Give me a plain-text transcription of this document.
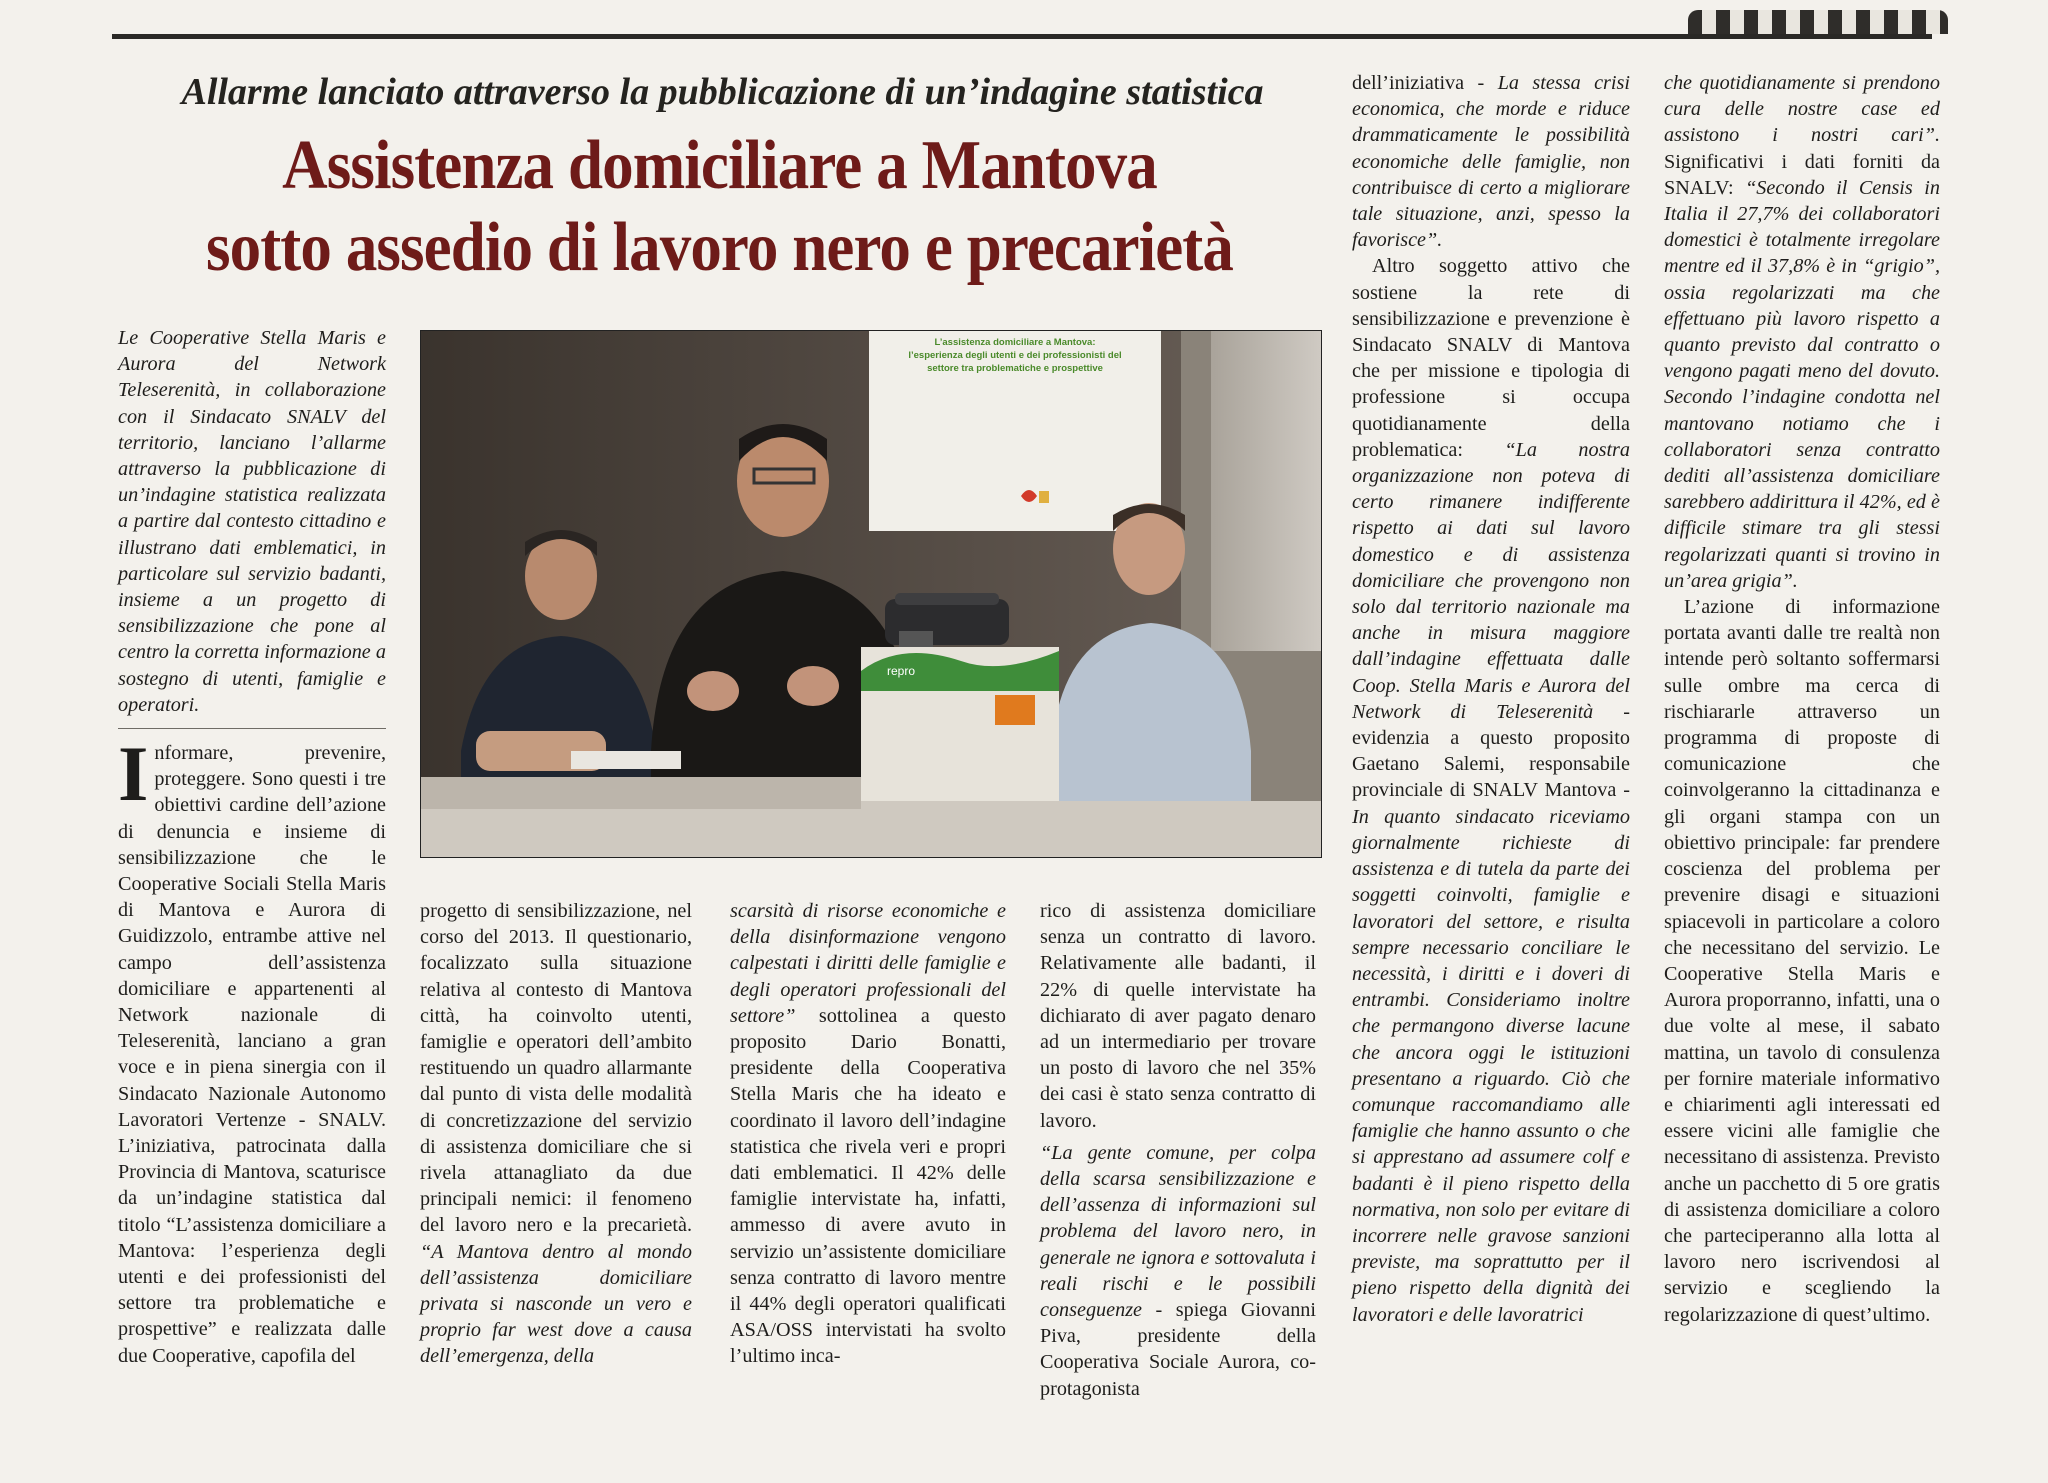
Allarme lanciato attraverso la pubblicazione di un’indagine statistica
Assistenza domiciliare a Mantova
sotto assedio di lavoro nero e precarietà

Le Cooperative Stella Maris e Aurora del Network Teleserenità, in collaborazione con il Sindacato SNALV del territorio, lanciano l’allarme attraverso la pubblicazione di un’indagine statistica realizzata a partire dal contesto cittadino e illustrano dati emblematici, in particolare sul servizio badanti, insieme a un progetto di sensibilizzazione che pone al centro la corretta informazione a sostegno di utenti, famiglie e operatori.

L’assistenza domiciliare a Mantova:
l’esperienza degli utenti e dei professionisti del
settore tra problematiche e prospettive
repro

Informare, prevenire, proteggere. Sono questi i tre obiettivi cardine dell’azione di denuncia e insieme di sensibilizzazione che le Cooperative Sociali Stella Maris di Mantova e Aurora di Guidizzolo, entrambe attive nel campo dell’assistenza domiciliare e appartenenti al Network nazionale di Teleserenità, lanciano a gran voce e in piena sinergia con il Sindacato Nazionale Autonomo Lavoratori Vertenze - SNALV. L’iniziativa, patrocinata dalla Provincia di Mantova, scaturisce da un’indagine statistica dal titolo “L’assistenza domiciliare a Mantova: l’esperienza degli utenti e dei professionisti del settore tra problematiche e prospettive” e realizzata dalle due Cooperative, capofila del

progetto di sensibilizzazione, nel corso del 2013. Il questionario, focalizzato sulla situazione relativa al contesto di Mantova città, ha coinvolto utenti, famiglie e operatori dell’ambito restituendo un quadro allarmante dal punto di vista delle modalità di concretizzazione del servizio di assistenza domiciliare che si rivela attanagliato da due principali nemici: il fenomeno del lavoro nero e la precarietà. “A Mantova dentro al mondo dell’assistenza domiciliare privata si nasconde un vero e proprio far west dove a causa dell’emergenza, della

scarsità di risorse economiche e della disinformazione vengono calpestati i diritti delle famiglie e degli operatori professionali del settore” sottolinea a questo proposito Dario Bonatti, presidente della Cooperativa Stella Maris che ha ideato e coordinato il lavoro dell’indagine statistica che rivela veri e propri dati emblematici. Il 42% delle famiglie intervistate ha, infatti, ammesso di avere avuto in servizio un’assistente domiciliare senza contratto di lavoro mentre il 44% degli operatori qualificati ASA/OSS intervistati ha svolto l’ultimo inca-

rico di assistenza domiciliare senza un contratto di lavoro. Relativamente alle badanti, il 22% di quelle intervistate ha dichiarato di aver pagato denaro ad un intermediario per trovare un posto di lavoro che nel 35% dei casi è stato senza contratto di lavoro.

“La gente comune, per colpa della scarsa sensibilizzazione e dell’assenza di informazioni sul problema del lavoro nero, in generale ne ignora e sottovaluta i reali rischi e le possibili conseguenze - spiega Giovanni Piva, presidente della Cooperativa Sociale Aurora, co-protagonista

dell’iniziativa - La stessa crisi economica, che morde e riduce drammaticamente le possibilità economiche delle famiglie, non contribuisce di certo a migliorare tale situazione, anzi, spesso la favorisce”.

Altro soggetto attivo che sostiene la rete di sensibilizzazione e prevenzione è Sindacato SNALV di Mantova che per missione e tipologia di professione si occupa quotidianamente della problematica: “La nostra organizzazione non poteva di certo rimanere indifferente rispetto ai dati sul lavoro domestico e di assistenza domiciliare che provengono non solo dal territorio nazionale ma anche in misura maggiore dall’indagine effettuata dalle Coop. Stella Maris e Aurora del Network di Teleserenità - evidenzia a questo proposito Gaetano Salemi, responsabile provinciale di SNALV Mantova - In quanto sindacato riceviamo giornalmente richieste di assistenza e di tutela da parte dei soggetti coinvolti, famiglie e lavoratori del settore, e risulta sempre necessario conciliare le necessità, i diritti e i doveri di entrambi. Consideriamo inoltre che permangono diverse lacune che ancora oggi le istituzioni presentano a riguardo. Ciò che comunque raccomandiamo alle famiglie che hanno assunto o che si apprestano ad assumere colf e badanti è il pieno rispetto della normativa, non solo per evitare di incorrere nelle gravose sanzioni previste, ma soprattutto per il pieno rispetto della dignità dei lavoratori e delle lavoratrici

che quotidianamente si prendono cura delle nostre case ed assistono i nostri cari”. Significativi i dati forniti da SNALV: “Secondo il Censis in Italia il 27,7% dei collaboratori domestici è totalmente irregolare mentre ed il 37,8% è in “grigio”, ossia regolarizzati ma che effettuano più lavoro rispetto a quanto previsto dal contratto o vengono pagati meno del dovuto. Secondo l’indagine condotta nel mantovano notiamo che i collaboratori senza contratto dediti all’assistenza domiciliare sarebbero addirittura il 42%, ed è difficile stimare tra gli stessi regolarizzati quanti si trovino in un’area grigia”.

L’azione di informazione portata avanti dalle tre realtà non intende però soltanto soffermarsi sulle ombre ma cerca di rischiararle attraverso un programma di proposte di comunicazione che coinvolgeranno la cittadinanza e gli organi stampa con un obiettivo principale: far prendere coscienza del problema per prevenire disagi e situazioni spiacevoli in particolare a coloro che necessitano del servizio. Le Cooperative Stella Maris e Aurora proporranno, infatti, una o due volte al mese, il sabato mattina, un tavolo di consulenza per fornire materiale informativo e chiarimenti agli interessati ed essere vicini alle famiglie che necessitano di assistenza. Previsto anche un pacchetto di 5 ore gratis di assistenza domiciliare a coloro che parteciperanno alla lotta al lavoro nero iscrivendosi al servizio e scegliendo la regolarizzazione di quest’ultimo.
